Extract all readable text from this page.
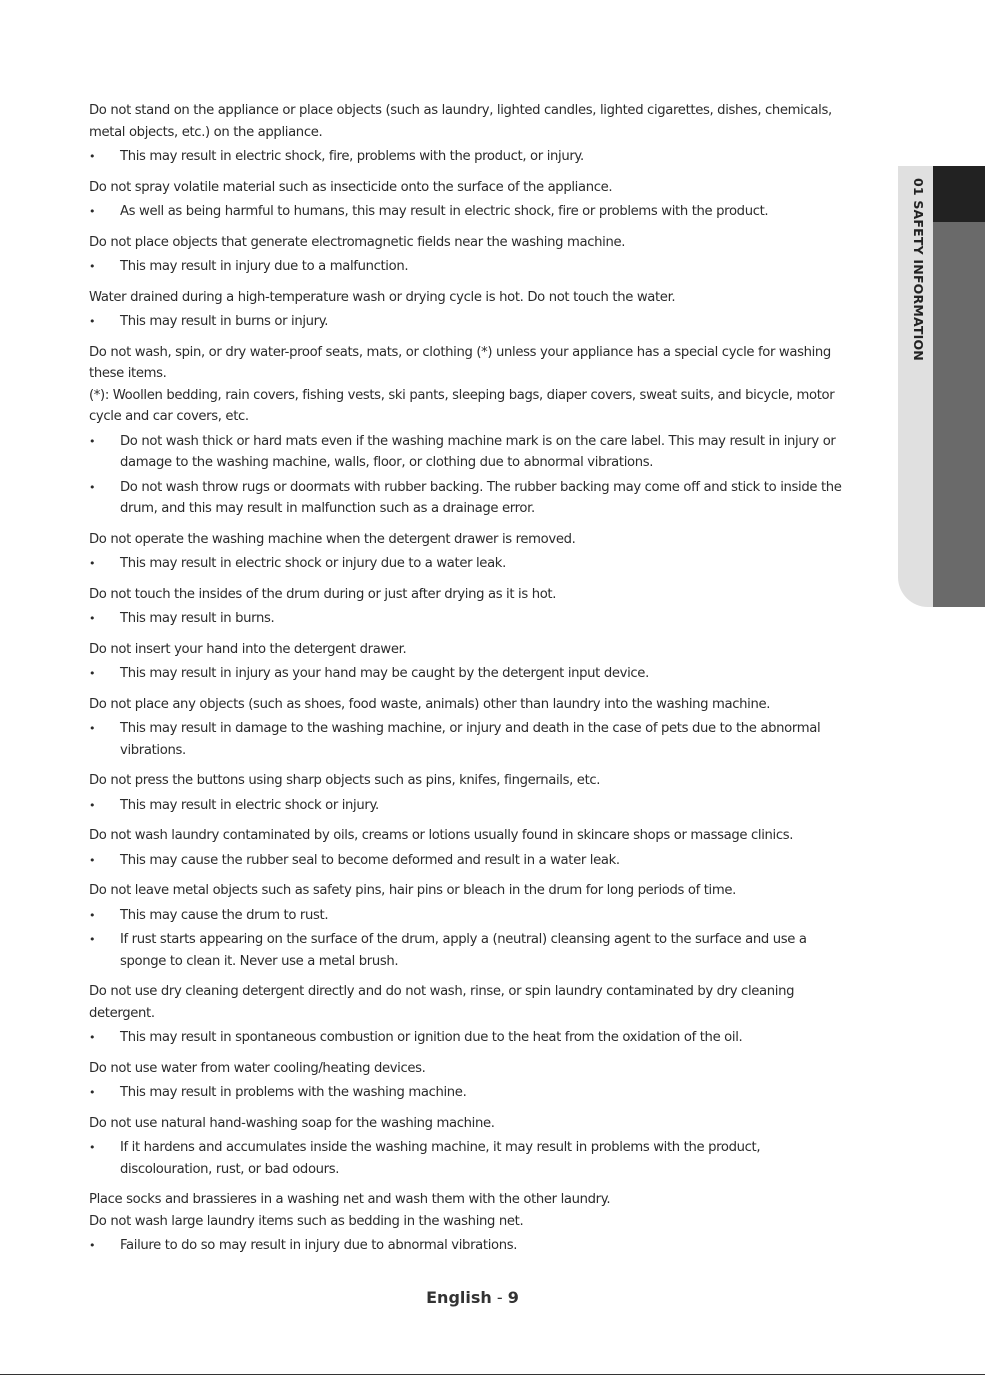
01 SAFETY INFORMATION

Do not stand on the appliance or place objects (such as laundry, lighted candles, lighted cigarettes, dishes, chemicals, metal objects, etc.) on the appliance.

• This may result in electric shock, fire, problems with the product, or injury.

Do not spray volatile material such as insecticide onto the surface of the appliance.

• As well as being harmful to humans, this may result in electric shock, fire or problems with the product.

Do not place objects that generate electromagnetic fields near the washing machine.

• This may result in injury due to a malfunction.

Water drained during a high-temperature wash or drying cycle is hot. Do not touch the water.

• This may result in burns or injury.

Do not wash, spin, or dry water-proof seats, mats, or clothing (*) unless your appliance has a special cycle for washing these items.

(*): Woollen bedding, rain covers, fishing vests, ski pants, sleeping bags, diaper covers, sweat suits, and bicycle, motor cycle and car covers, etc.

• Do not wash thick or hard mats even if the washing machine mark is on the care label. This may result in injury or damage to the washing machine, walls, floor, or clothing due to abnormal vibrations.

• Do not wash throw rugs or doormats with rubber backing. The rubber backing may come off and stick to inside the drum, and this may result in malfunction such as a drainage error.

Do not operate the washing machine when the detergent drawer is removed.

• This may result in electric shock or injury due to a water leak.

Do not touch the insides of the drum during or just after drying as it is hot.

• This may result in burns.

Do not insert your hand into the detergent drawer.

• This may result in injury as your hand may be caught by the detergent input device.

Do not place any objects (such as shoes, food waste, animals) other than laundry into the washing machine.

• This may result in damage to the washing machine, or injury and death in the case of pets due to the abnormal vibrations.

Do not press the buttons using sharp objects such as pins, knifes, fingernails, etc.

• This may result in electric shock or injury.

Do not wash laundry contaminated by oils, creams or lotions usually found in skincare shops or massage clinics.

• This may cause the rubber seal to become deformed and result in a water leak.

Do not leave metal objects such as safety pins, hair pins or bleach in the drum for long periods of time.

• This may cause the drum to rust.

• If rust starts appearing on the surface of the drum, apply a (neutral) cleansing agent to the surface and use a sponge to clean it. Never use a metal brush.

Do not use dry cleaning detergent directly and do not wash, rinse, or spin laundry contaminated by dry cleaning detergent.

• This may result in spontaneous combustion or ignition due to the heat from the oxidation of the oil.

Do not use water from water cooling/heating devices.

• This may result in problems with the washing machine.

Do not use natural hand-washing soap for the washing machine.

• If it hardens and accumulates inside the washing machine, it may result in problems with the product, discolouration, rust, or bad odours.

Place socks and brassieres in a washing net and wash them with the other laundry.

Do not wash large laundry items such as bedding in the washing net.

• Failure to do so may result in injury due to abnormal vibrations.

English - 9
